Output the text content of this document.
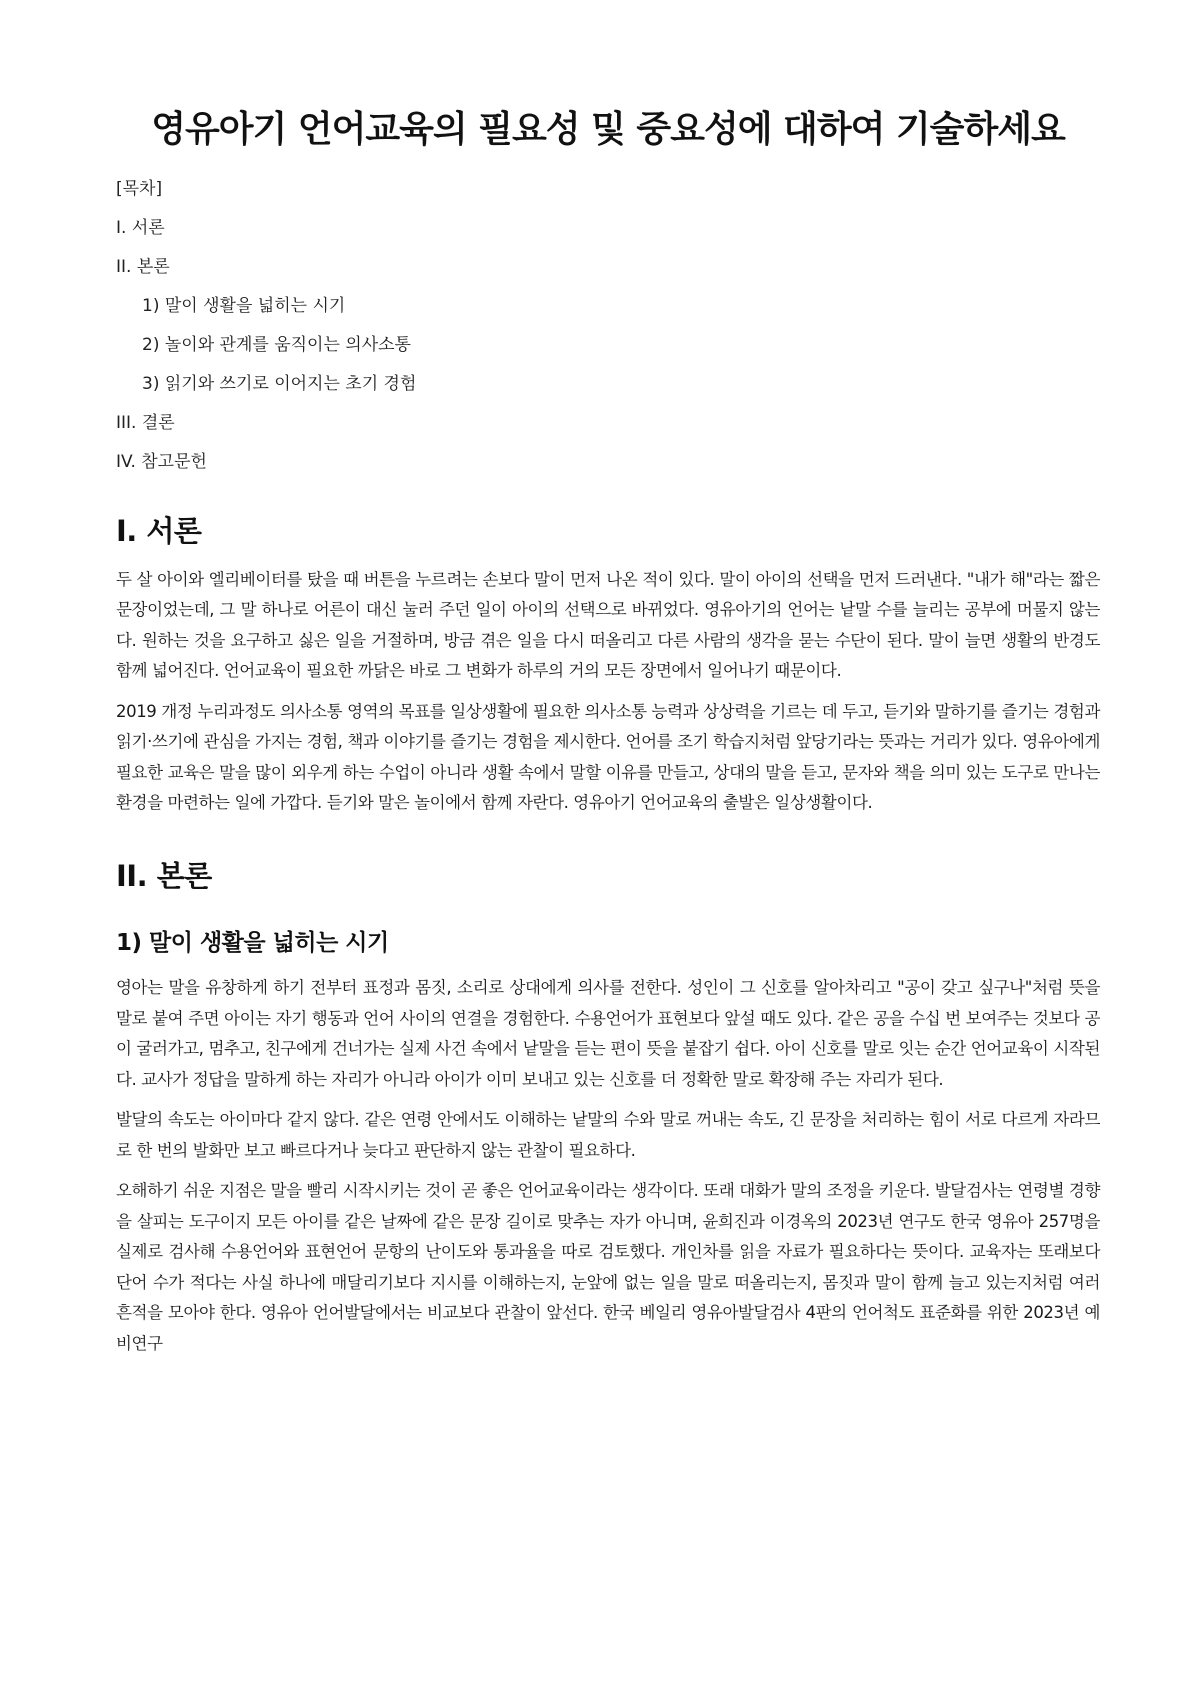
영유아기 언어교육의 필요성 및 중요성에 대하여 기술하세요
[목차]
I. 서론
II. 본론
1) 말이 생활을 넓히는 시기
2) 놀이와 관계를 움직이는 의사소통
3) 읽기와 쓰기로 이어지는 초기 경험
III. 결론
IV. 참고문헌
I. 서론

두 살 아이와 엘리베이터를 탔을 때 버튼을 누르려는 손보다 말이 먼저 나온 적이 있다. 말이 아이의 선택을 먼저 드러낸다. "내가 해"라는 짧은 문장이었는데, 그 말 하나로 어른이 대신 눌러 주던 일이 아이의 선택으로 바뀌었다. 영유아기의 언어는 낱말 수를 늘리는 공부에 머물지 않는다. 원하는 것을 요구하고 싫은 일을 거절하며, 방금 겪은 일을 다시 떠올리고 다른 사람의 생각을 묻는 수단이 된다. 말이 늘면 생활의 반경도 함께 넓어진다. 언어교육이 필요한 까닭은 바로 그 변화가 하루의 거의 모든 장면에서 일어나기 때문이다.

2019 개정 누리과정도 의사소통 영역의 목표를 일상생활에 필요한 의사소통 능력과 상상력을 기르는 데 두고, 듣기와 말하기를 즐기는 경험과 읽기·쓰기에 관심을 가지는 경험, 책과 이야기를 즐기는 경험을 제시한다. 언어를 조기 학습지처럼 앞당기라는 뜻과는 거리가 있다. 영유아에게 필요한 교육은 말을 많이 외우게 하는 수업이 아니라 생활 속에서 말할 이유를 만들고, 상대의 말을 듣고, 문자와 책을 의미 있는 도구로 만나는 환경을 마련하는 일에 가깝다. 듣기와 말은 놀이에서 함께 자란다. 영유아기 언어교육의 출발은 일상생활이다.

II. 본론
1) 말이 생활을 넓히는 시기

영아는 말을 유창하게 하기 전부터 표정과 몸짓, 소리로 상대에게 의사를 전한다. 성인이 그 신호를 알아차리고 "공이 갖고 싶구나"처럼 뜻을 말로 붙여 주면 아이는 자기 행동과 언어 사이의 연결을 경험한다. 수용언어가 표현보다 앞설 때도 있다. 같은 공을 수십 번 보여주는 것보다 공이 굴러가고, 멈추고, 친구에게 건너가는 실제 사건 속에서 낱말을 듣는 편이 뜻을 붙잡기 쉽다. 아이 신호를 말로 잇는 순간 언어교육이 시작된다. 교사가 정답을 말하게 하는 자리가 아니라 아이가 이미 보내고 있는 신호를 더 정확한 말로 확장해 주는 자리가 된다.

발달의 속도는 아이마다 같지 않다. 같은 연령 안에서도 이해하는 낱말의 수와 말로 꺼내는 속도, 긴 문장을 처리하는 힘이 서로 다르게 자라므로 한 번의 발화만 보고 빠르다거나 늦다고 판단하지 않는 관찰이 필요하다.

오해하기 쉬운 지점은 말을 빨리 시작시키는 것이 곧 좋은 언어교육이라는 생각이다. 또래 대화가 말의 조정을 키운다. 발달검사는 연령별 경향을 살피는 도구이지 모든 아이를 같은 날짜에 같은 문장 길이로 맞추는 자가 아니며, 윤희진과 이경옥의 2023년 연구도 한국 영유아 257명을 실제로 검사해 수용언어와 표현언어 문항의 난이도와 통과율을 따로 검토했다. 개인차를 읽을 자료가 필요하다는 뜻이다. 교육자는 또래보다 단어 수가 적다는 사실 하나에 매달리기보다 지시를 이해하는지, 눈앞에 없는 일을 말로 떠올리는지, 몸짓과 말이 함께 늘고 있는지처럼 여러 흔적을 모아야 한다. 영유아 언어발달에서는 비교보다 관찰이 앞선다. 한국 베일리 영유아발달검사 4판의 언어척도 표준화를 위한 2023년 예비연구
